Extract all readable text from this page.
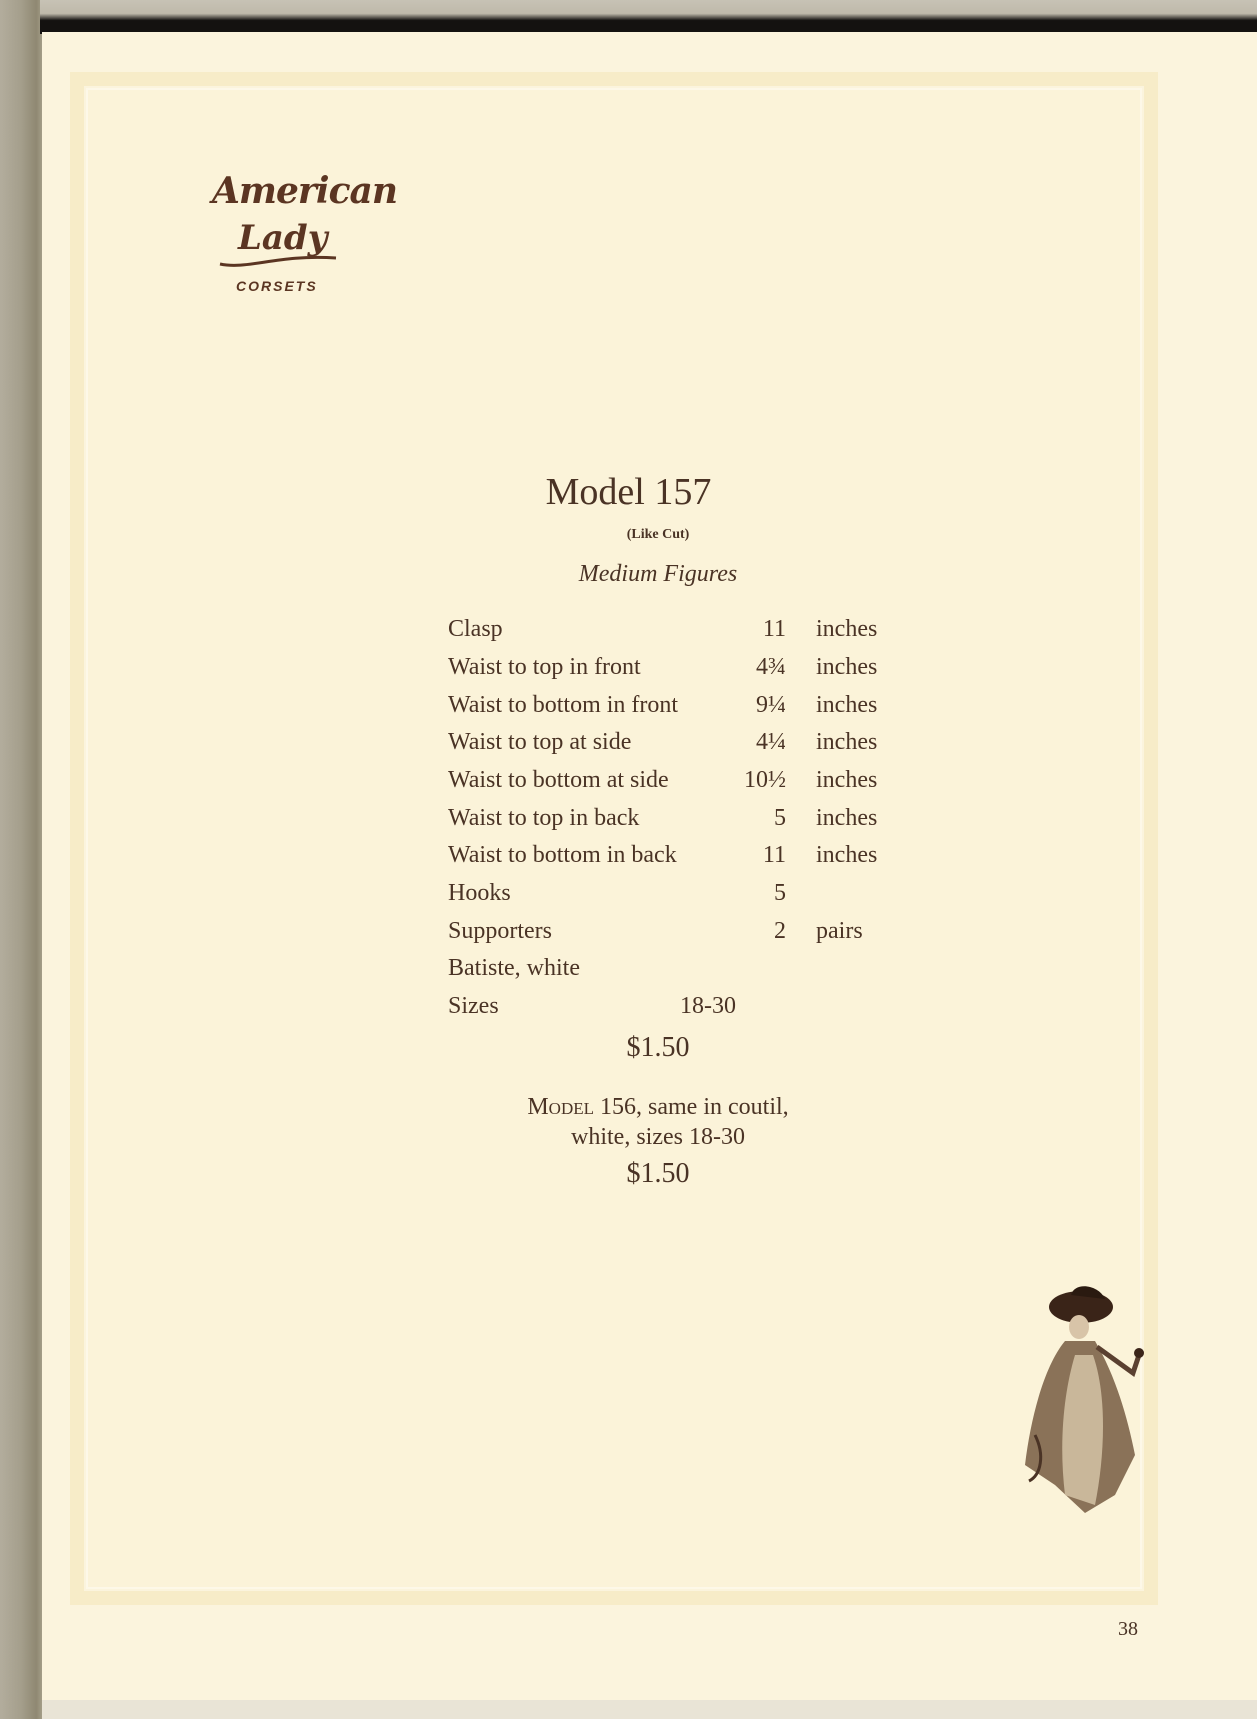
American
Lady
CORSETS
Model 157
(Like Cut)
Medium Figures
Clasp	11 inches
Waist to top in front	4¾ inches
Waist to bottom in front	9¼ inches
Waist to top at side	4¼ inches
Waist to bottom at side	10½ inches
Waist to top in back	5 inches
Waist to bottom in back	11 inches
Hooks	5
Supporters	2 pairs
Batiste, white
Sizes	18-30
$1.50
Model 156, same in coutil,
white, sizes 18-30
$1.50
38
